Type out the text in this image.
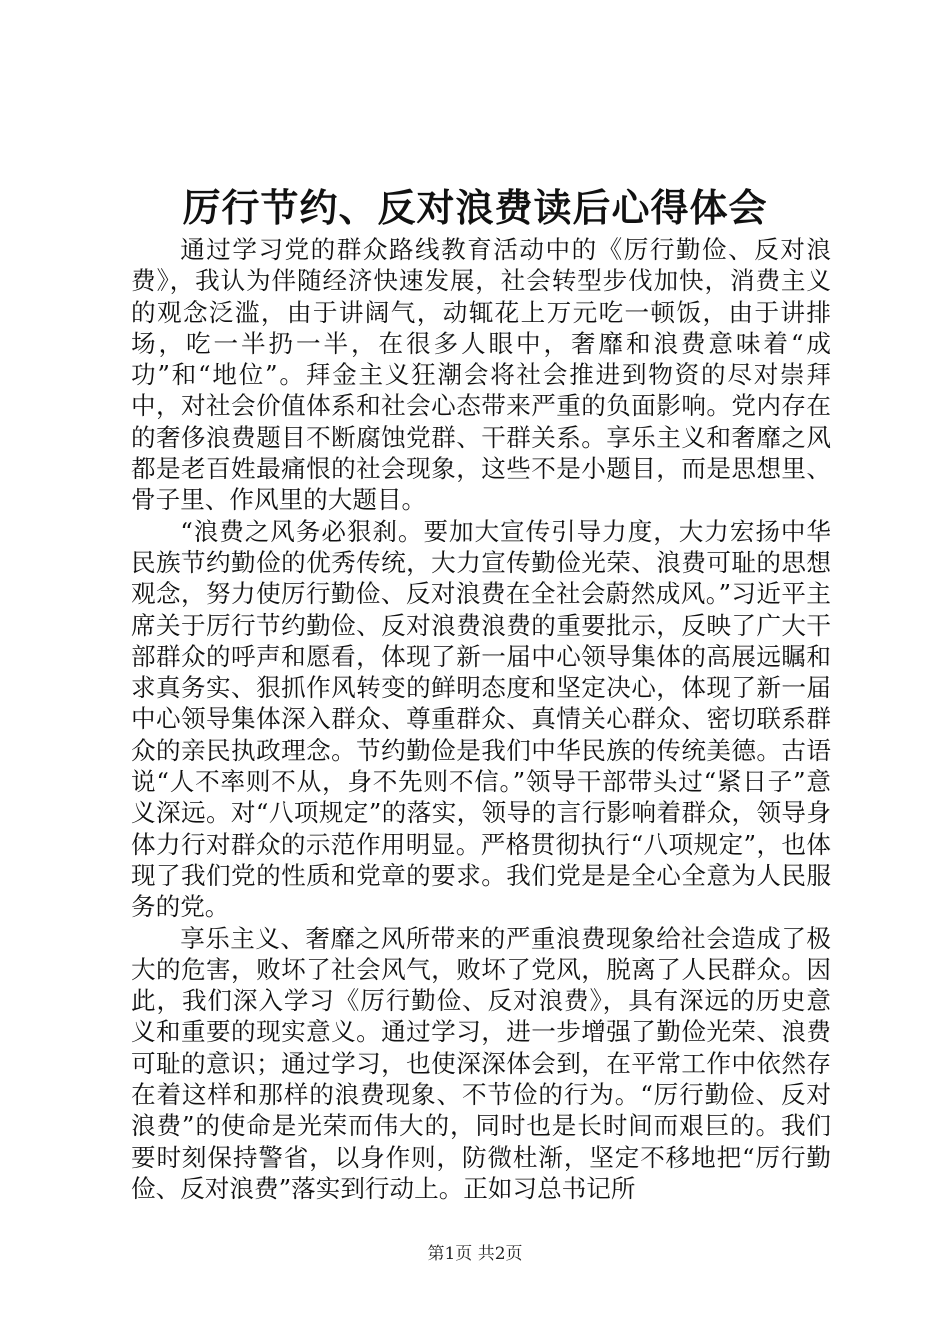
厉行节约、反对浪费读后心得体会

通过学习党的群众路线教育活动中的《厉行勤俭、反对浪费》，我认为伴随经济快速发展，社会转型步伐加快，消费主义的观念泛滥，由于讲阔气，动辄花上万元吃一顿饭，由于讲排场，吃一半扔一半，在很多人眼中，奢靡和浪费意味着“成功”和“地位”。拜金主义狂潮会将社会推进到物资的尽对崇拜中，对社会价值体系和社会心态带来严重的负面影响。党内存在的奢侈浪费题目不断腐蚀党群、干群关系。享乐主义和奢靡之风都是老百姓最痛恨的社会现象，这些不是小题目，而是思想里、骨子里、作风里的大题目。

“浪费之风务必狠刹。要加大宣传引导力度，大力宏扬中华民族节约勤俭的优秀传统，大力宣传勤俭光荣、浪费可耻的思想观念，努力使厉行勤俭、反对浪费在全社会蔚然成风。”习近平主席关于厉行节约勤俭、反对浪费浪费的重要批示，反映了广大干部群众的呼声和愿看，体现了新一届中心领导集体的高展远瞩和求真务实、狠抓作风转变的鲜明态度和坚定决心，体现了新一届中心领导集体深入群众、尊重群众、真情关心群众、密切联系群众的亲民执政理念。节约勤俭是我们中华民族的传统美德。古语说“人不率则不从，身不先则不信。”领导干部带头过“紧日子”意义深远。对“八项规定”的落实，领导的言行影响着群众，领导身体力行对群众的示范作用明显。严格贯彻执行“八项规定”，也体现了我们党的性质和党章的要求。我们党是是全心全意为人民服务的党。

享乐主义、奢靡之风所带来的严重浪费现象给社会造成了极大的危害，败坏了社会风气，败坏了党风，脱离了人民群众。因此，我们深入学习《厉行勤俭、反对浪费》，具有深远的历史意义和重要的现实意义。通过学习，进一步增强了勤俭光荣、浪费可耻的意识；通过学习，也使深深体会到，在平常工作中依然存在着这样和那样的浪费现象、不节俭的行为。“厉行勤俭、反对浪费”的使命是光荣而伟大的，同时也是长时间而艰巨的。我们要时刻保持警省，以身作则，防微杜渐，坚定不移地把“厉行勤俭、反对浪费”落实到行动上。正如习总书记所

第1页 共2页
